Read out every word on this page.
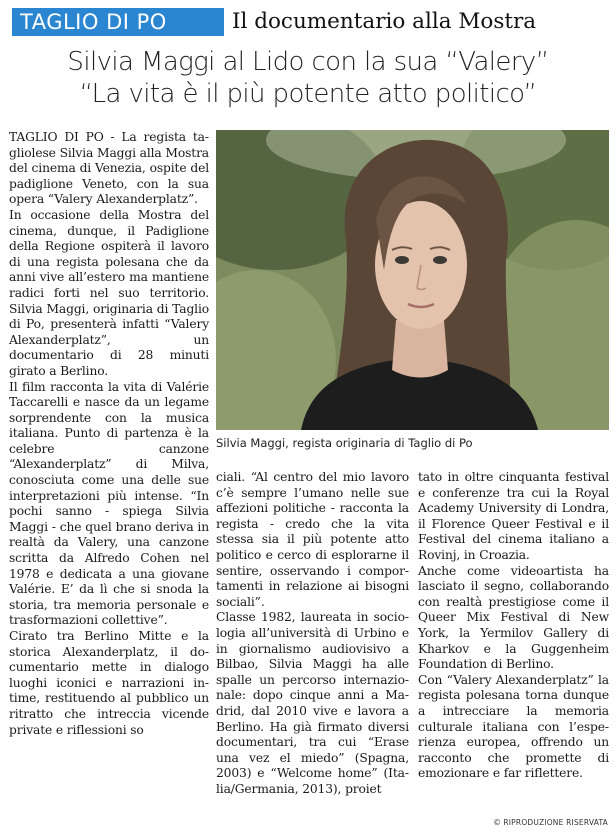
TAGLIO DI PO	Il documentario alla Mostra
Silvia Maggi al Lido con la sua “Valery”
“La vita è il più potente atto politico”

TAGLIO DI PO - La regista tagliolese Silvia Maggi alla Mostra del cinema di Venezia, ospite del padiglione Veneto, con la sua opera “Valery Alexanderplatz”.

In occasione della Mostra del cinema, dunque, il Padiglione della Regione ospiterà il lavoro di una regista polesana che da anni vive all’estero ma mantiene radici forti nel suo territorio. Silvia Maggi, originaria di Taglio di Po, presenterà infatti “Valery Alexanderplatz”, un documentario di 28 minuti girato a Berlino.

Il film racconta la vita di Valérie Taccarelli e nasce da un legame sorprendente con la musica italiana. Punto di partenza è la celebre canzone “Alexanderplatz” di Milva, conosciuta come una delle sue interpretazioni più intense. “In pochi sanno - spiega Silvia Maggi - che quel brano deriva in realtà da Valery, una canzone scritta da Alfredo Cohen nel 1978 e dedicata a una giovane Valérie. E’ da lì che si snoda la storia, tra memoria personale e trasformazioni collettive”.

Cirato tra Berlino Mitte e la storica Alexanderplatz, il documentario mette in dialogo luoghi iconici e narrazioni intime, restituendo al pubblico un ritratto che intreccia vicende private e riflessioni so

Silvia Maggi, regista originaria di Taglio di Po

ciali. “Al centro del mio lavoro c’è sempre l’umano nelle sue affezioni politiche - racconta la regista - credo che la vita stessa sia il più potente atto politico e cerco di esplorarne il sentire, osservando i comportamenti in relazione ai bisogni sociali”.

Classe 1982, laureata in sociologia all’università di Urbino e in giornalismo audiovisivo a Bilbao, Silvia Maggi ha alle spalle un percorso internazionale: dopo cinque anni a Madrid, dal 2010 vive e lavora a Berlino. Ha già firmato diversi documentari, tra cui “Erase una vez el miedo” (Spagna, 2003) e “Welcome home” (Italia/Germania, 2013), proiet

tato in oltre cinquanta festival e conferenze tra cui la Royal Academy University di Londra, il Florence Queer Festival e il Festival del cinema italiano a Rovinj, in Croazia.

Anche come videoartista ha lasciato il segno, collaborando con realtà prestigiose come il Queer Mix Festival di New York, la Yermilov Gallery di Kharkov e la Guggenheim Foundation di Berlino.

Con “Valery Alexanderplatz” la regista polesana torna dunque a intrecciare la memoria culturale italiana con l’esperienza europea, offrendo un racconto che promette di emozionare e far riflettere.

© RIPRODUZIONE RISERVATA
